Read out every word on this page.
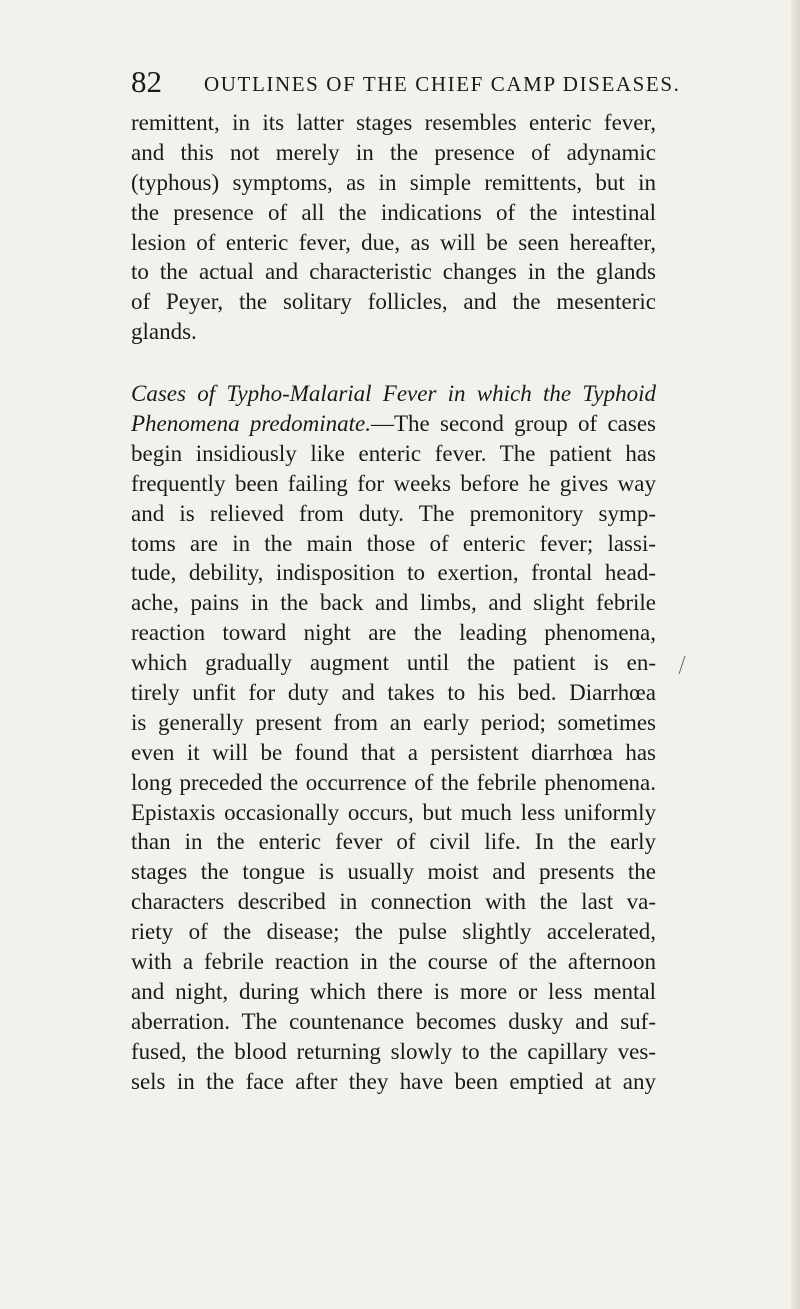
82 OUTLINES OF THE CHIEF CAMP DISEASES.
remittent, in its latter stages resembles enteric fever,
and this not merely in the presence of adynamic
(typhous) symptoms, as in simple remittents, but in
the presence of all the indications of the intestinal
lesion of enteric fever, due, as will be seen hereafter,
to the actual and characteristic changes in the glands
of Peyer, the solitary follicles, and the mesenteric
glands.
Cases of Typho-Malarial Fever in which the Typhoid
Phenomena predominate.—The second group of cases
begin insidiously like enteric fever. The patient has
frequently been failing for weeks before he gives way
and is relieved from duty. The premonitory symp-
toms are in the main those of enteric fever; lassi-
tude, debility, indisposition to exertion, frontal head-
ache, pains in the back and limbs, and slight febrile
reaction toward night are the leading phenomena,
which gradually augment until the patient is en-
tirely unfit for duty and takes to his bed. Diarrhœa
is generally present from an early period; sometimes
even it will be found that a persistent diarrhœa has
long preceded the occurrence of the febrile phenomena.
Epistaxis occasionally occurs, but much less uniformly
than in the enteric fever of civil life. In the early
stages the tongue is usually moist and presents the
characters described in connection with the last va-
riety of the disease; the pulse slightly accelerated,
with a febrile reaction in the course of the afternoon
and night, during which there is more or less mental
aberration. The countenance becomes dusky and suf-
fused, the blood returning slowly to the capillary ves-
sels in the face after they have been emptied at any
